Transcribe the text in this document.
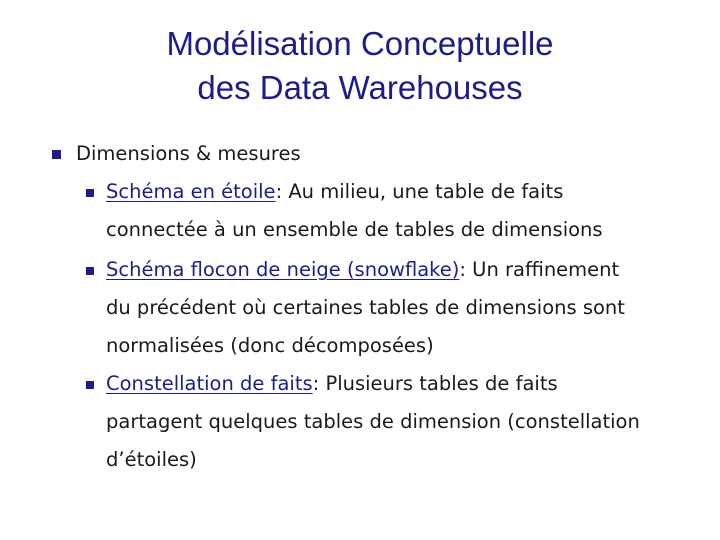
Modélisation Conceptuelle
des Data Warehouses
Dimensions & mesures
Schéma en étoile: Au milieu, une table de faits
connectée à un ensemble de tables de dimensions
Schéma flocon de neige (snowflake): Un raffinement
du précédent où certaines tables de dimensions sont
normalisées (donc décomposées)
Constellation de faits: Plusieurs tables de faits
partagent quelques tables de dimension (constellation
d’étoiles)
